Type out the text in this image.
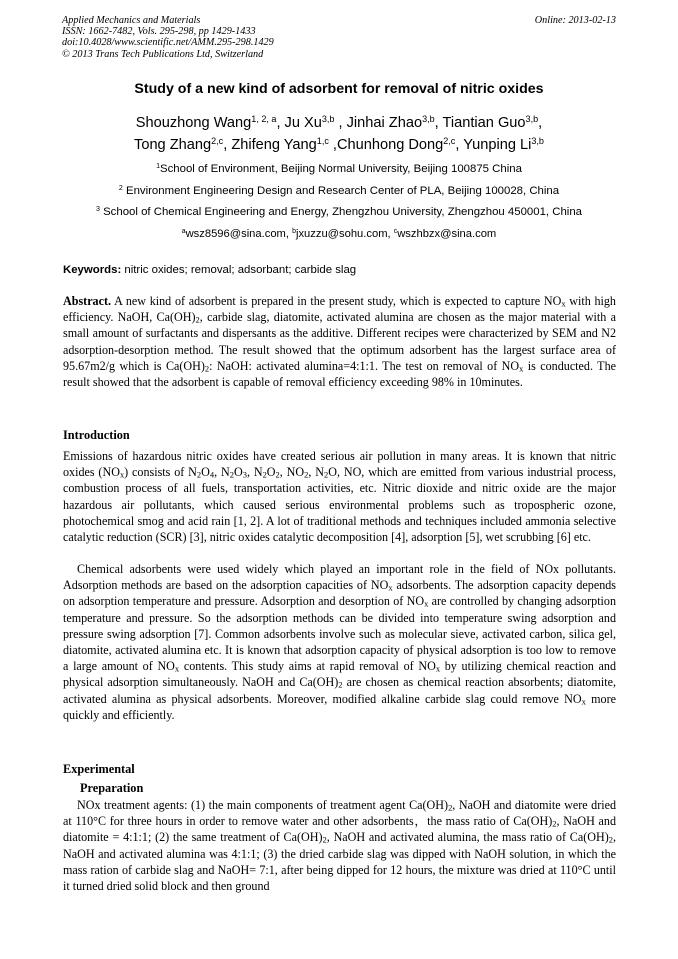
Applied Mechanics and Materials
ISSN: 1662-7482, Vols. 295-298, pp 1429-1433
doi:10.4028/www.scientific.net/AMM.295-298.1429
© 2013 Trans Tech Publications Ltd, Switzerland
Online: 2013-02-13
Study of a new kind of adsorbent for removal of nitric oxides
Shouzhong Wang$^{1, 2, a}$, Ju Xu$^{3,b}$ , Jinhai Zhao$^{3,b}$, Tiantian Guo$^{3,b}$,
Tong Zhang$^{2,c}$, Zhifeng Yang$^{1,c}$ ,Chunhong Dong$^{2,c}$, Yunping Li$^{3,b}$
$^1$School of Environment, Beijing Normal University, Beijing 100875 China
$^2$ Environment Engineering Design and Research Center of PLA, Beijing 100028, China
$^3$ School of Chemical Engineering and Energy, Zhengzhou University, Zhengzhou 450001, China
$^a$wsz8596@sina.com, $^b$jxuzzu@sohu.com, $^c$wszhbzx@sina.com
Keywords: nitric oxides; removal; adsorbant; carbide slag
Abstract. A new kind of adsorbent is prepared in the present study, which is expected to capture $NO_x$ with high efficiency. NaOH, $Ca(OH)_2$, carbide slag, diatomite, activated alumina are chosen as the major material with a small amount of surfactants and dispersants as the additive. Different recipes were characterized by SEM and N2 adsorption-desorption method. The result showed that the optimum adsorbent has the largest surface area of 95.67m2/g which is $Ca(OH)_2$: NaOH: activated alumina=4:1:1. The test on removal of $NO_x$ is conducted. The result showed that the adsorbent is capable of removal efficiency exceeding 98% in 10minutes.
Introduction
Emissions of hazardous nitric oxides have created serious air pollution in many areas. It is known that nitric oxides $(NO_x)$ consists of $N_2O_4$, $N_2O_3$, $N_2O_2$, $NO_2$, $N_2O$, NO, which are emitted from various industrial process, combustion process of all fuels, transportation activities, etc. Nitric dioxide and nitric oxide are the major hazardous air pollutants, which caused serious environmental problems such as tropospheric ozone, photochemical smog and acid rain [1, 2]. A lot of traditional methods and techniques included ammonia selective catalytic reduction (SCR) [3], nitric oxides catalytic decomposition [4], adsorption [5], wet scrubbing [6] etc.
Chemical adsorbents were used widely which played an important role in the field of NOx pollutants. Adsorption methods are based on the adsorption capacities of $NO_x$ adsorbents. The adsorption capacity depends on adsorption temperature and pressure. Adsorption and desorption of $NO_x$ are controlled by changing adsorption temperature and pressure. So the adsorption methods can be divided into temperature swing adsorption and pressure swing adsorption [7]. Common adsorbents involve such as molecular sieve, activated carbon, silica gel, diatomite, activated alumina etc. It is known that adsorption capacity of physical adsorption is too low to remove a large amount of $NO_x$ contents. This study aims at rapid removal of $NO_x$ by utilizing chemical reaction and physical adsorption simultaneously. NaOH and $Ca(OH)_2$ are chosen as chemical reaction absorbents; diatomite, activated alumina as physical adsorbents. Moreover, modified alkaline carbide slag could remove $NO_x$ more quickly and efficiently.
Experimental
Preparation
NOx treatment agents: (1) the main components of treatment agent $Ca(OH)_2$, NaOH and diatomite were dried at 110°C for three hours in order to remove water and other adsorbents，the mass ratio of $Ca(OH)_2$, NaOH and diatomite = 4:1:1; (2) the same treatment of $Ca(OH)_2$, NaOH and activated alumina, the mass ratio of $Ca(OH)_2$, NaOH and activated alumina was 4:1:1; (3) the dried carbide slag was dipped with NaOH solution, in which the mass ration of carbide slag and NaOH= 7:1, after being dipped for 12 hours, the mixture was dried at 110°C until it turned dried solid block and then ground
